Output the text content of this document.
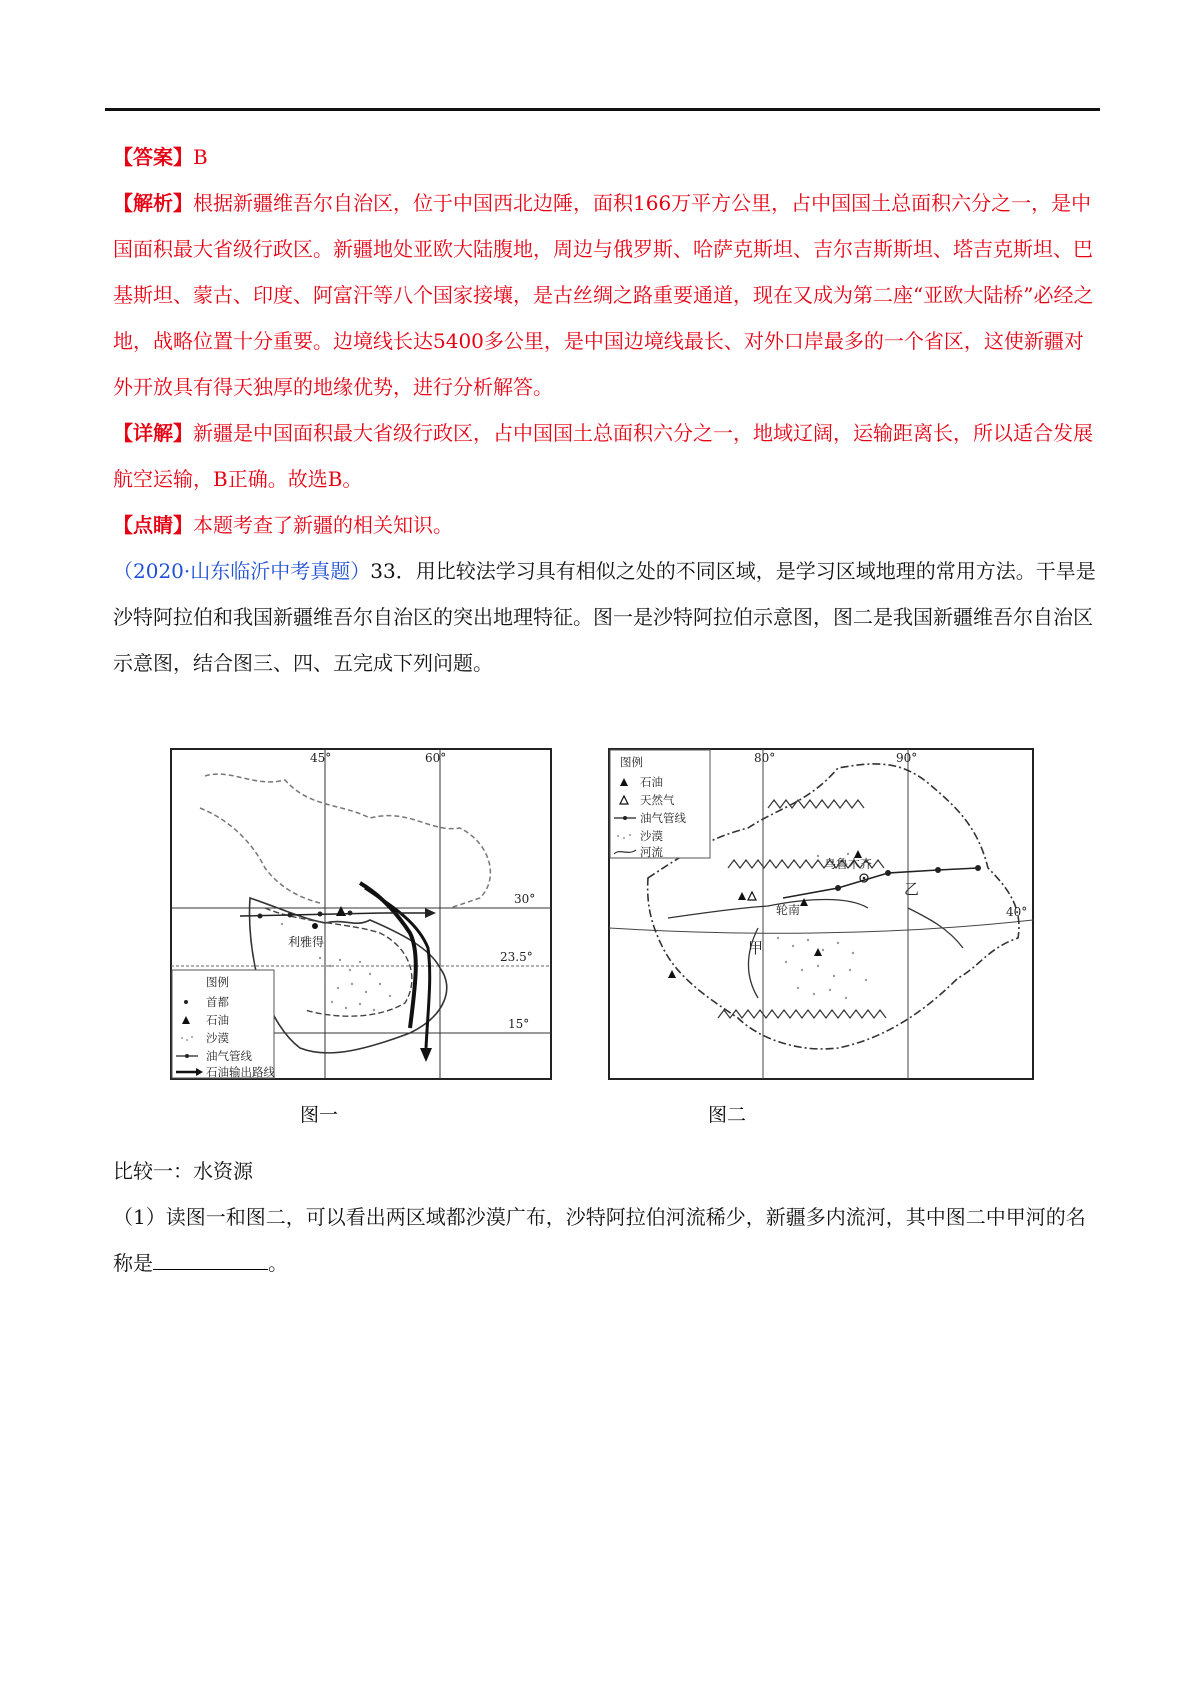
【答案】B
【解析】根据新疆维吾尔自治区，位于中国西北边陲，面积166万平方公里，占中国国土总面积六分之一，是中国面积最大省级行政区。新疆地处亚欧大陆腹地，周边与俄罗斯、哈萨克斯坦、吉尔吉斯斯坦、塔吉克斯坦、巴基斯坦、蒙古、印度、阿富汗等八个国家接壤，是古丝绸之路重要通道，现在又成为第二座“亚欧大陆桥”必经之地，战略位置十分重要。边境线长达5400多公里，是中国边境线最长、对外口岸最多的一个省区，这使新疆对外开放具有得天独厚的地缘优势，进行分析解答。
【详解】新疆是中国面积最大省级行政区，占中国国土总面积六分之一，地域辽阔，运输距离长，所以适合发展航空运输，B正确。故选B。
【点睛】本题考查了新疆的相关知识。
（2020·山东临沂中考真题）33．用比较法学习具有相似之处的不同区域，是学习区域地理的常用方法。干旱是沙特阿拉伯和我国新疆维吾尔自治区的突出地理特征。图一是沙特阿拉伯示意图，图二是我国新疆维吾尔自治区示意图，结合图三、四、五完成下列问题。
45°	60°
30°
23.5°
15°
利雅得
图例
首都
石油
沙漠
油气管线
石油输出路线
图一
80°	90°
40°
乌鲁木齐
轮南
甲
乙
图例
石油
天然气
油气管线
沙漠
河流
图二
比较一：水资源
（1）读图一和图二，可以看出两区域都沙漠广布，沙特阿拉伯河流稀少，新疆多内流河，其中图二中甲河的名称是	。
